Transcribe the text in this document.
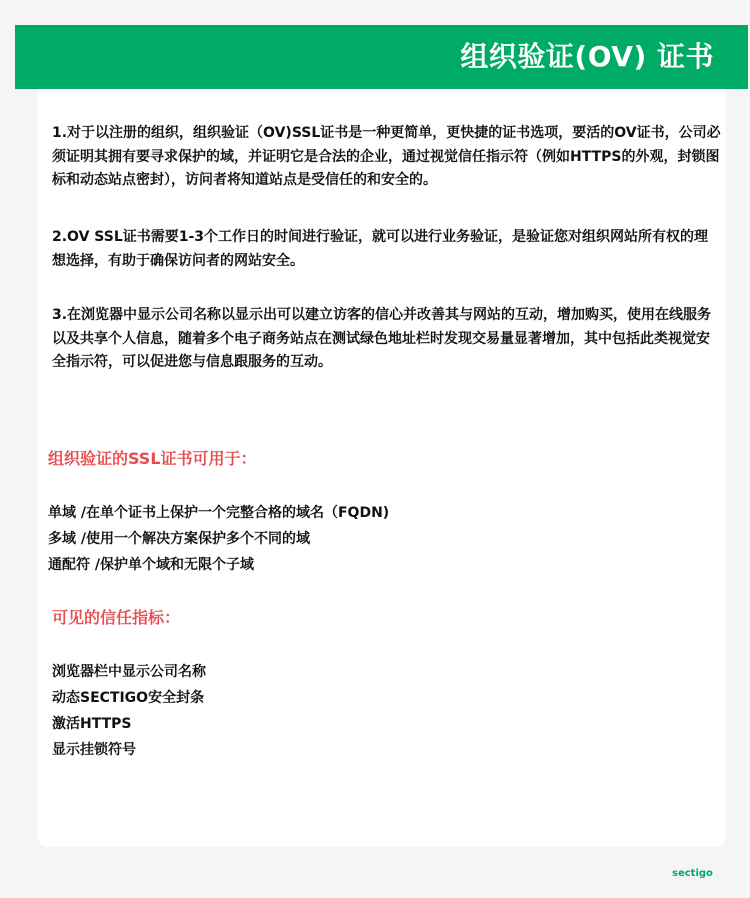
组织验证(OV) 证书

1.对于以注册的组织，组织验证（OV)SSL证书是一种更简单，更快捷的证书选项，要活的OV证书，公司必须证明其拥有要寻求保护的域，并证明它是合法的企业，通过视觉信任指示符（例如HTTPS的外观，封锁图标和动态站点密封），访问者将知道站点是受信任的和安全的。

2.OV SSL证书需要1-3个工作日的时间进行验证，就可以进行业务验证，是验证您对组织网站所有权的理想选择，有助于确保访问者的网站安全。

3.在浏览器中显示公司名称以显示出可以建立访客的信心并改善其与网站的互动，增加购买，使用在线服务以及共享个人信息，随着多个电子商务站点在测试绿色地址栏时发现交易量显著增加，其中包括此类视觉安全指示符，可以促进您与信息跟服务的互动。

组织验证的SSL证书可用于：
单域 /在单个证书上保护一个完整合格的域名（FQDN)
多域 /使用一个解决方案保护多个不同的域
通配符 /保护单个域和无限个子域
可见的信任指标：
浏览器栏中显示公司名称
动态SECTIGO安全封条
激活HTTPS
显示挂锁符号
sectigo
